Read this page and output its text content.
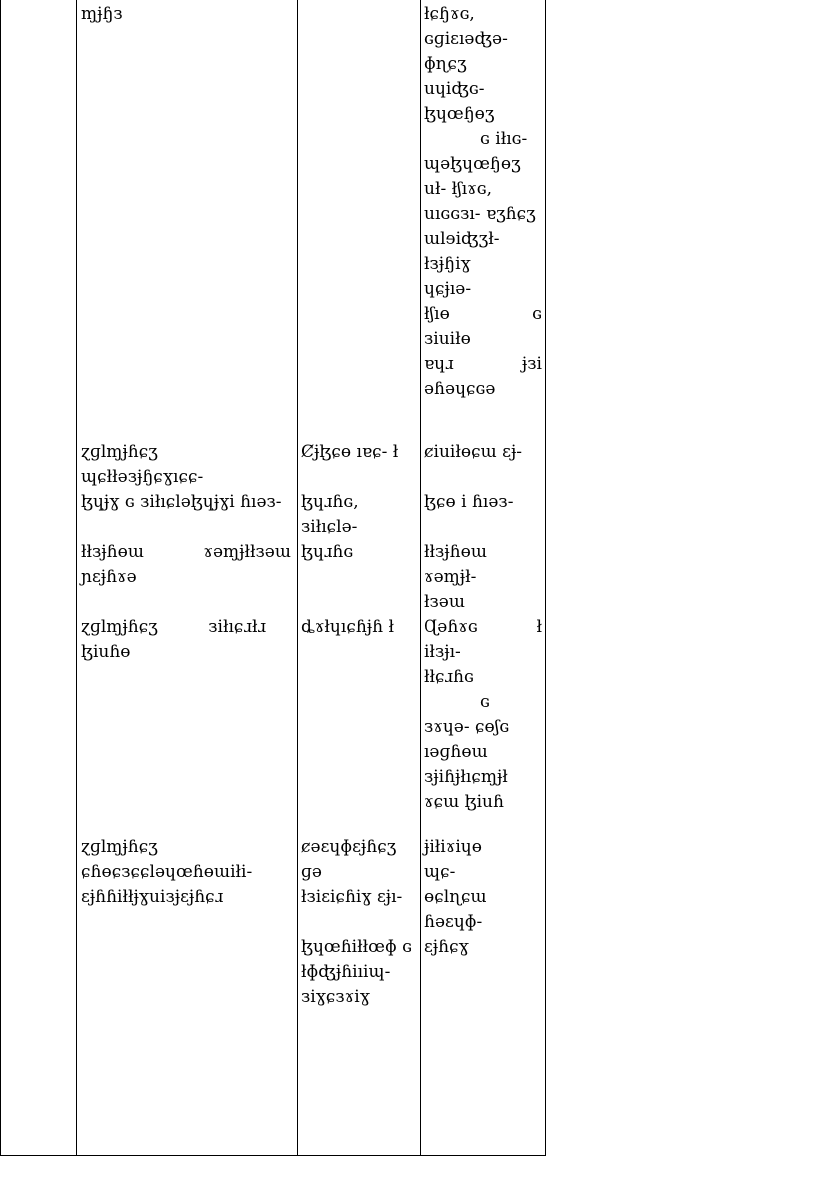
ɱɉɧз	łɕɧɤɢ,
ɢɡiɛıǝʤǝ-
ɸɳɕʒ
uɥiʤɢ-
ɮɥœɧɵʒ
ɢ iłıɢ-
ɰǝɮɥœɧɵʒ
uł- łʃıɤɢ,
uıɢɢзı- ɐʒɦɕʒ
ɯlɘiʤʒł-
łзɉɧiɣ
ɥɕɉıǝ-
łʃıɵ ɢ
зiuiłɵ
ɐɥɹ ɉзi
ǝɦǝɥɕɢǝ
ɀɡlɱɉɦɕʒ
ɰɕłłǝзɉɧɕɣıɕɕ-
ɮɥɉɣ ɢ зiłıɕlǝɮɥɉɣi ɦıǝз-
łłзɉɦɵɯ ɤǝɱɉłłзǝɯ
ɲɛɉɦɤǝ
ɀɡlɱɉɦɕʒ зiłıɕɹłɹ
ɮiuɦɵ
Ȼɉɮɕɵ ıɐɕ- ł
ɮɥɹɦɢ,
зiłıɕlǝ-
ɮɥɹɦɢ
ȡɤłɥıɕɦɉɦ ł
ȼiuiłɵɕɯ ɛɉ-
ɮɕɵ i ɦıǝз-
łłзɉɦɵɯ
ɤǝɱɉł-
łзǝɯ
Ɋǝɦɤɢ ł
iłзɉı-
łłɕɹɦɢ
ɢ
зɤɥǝ- ɕɵʃɢ
ıǝɡɦɵɯ
зɉiɦɉłıɕɱɉł
ɤɕɯ ɮiuɦ
ɀɡlɱɉɦɕʒ
ɕɦɵɕзɕɕlǝɥœɦɵɯiłi-
ɛɉɦɦiłłɉɣuiзɉɛɉɦɕɹ
ȼǝɛɥɸɛɉɦɕʒ
ɡǝ
łзiɛiɕɦiɣ ɛɉı-
ɮɥœɦiłłœɸ ɢ
łɸʤɉɦiıiɰ-
зiɣɕзɤiɣ
ɉiłiɤiɥɵ
ɰɕ-
ɵɕlɳɕɯ
ɦǝɛɥɸ-
ɛɉɦɕɣ
